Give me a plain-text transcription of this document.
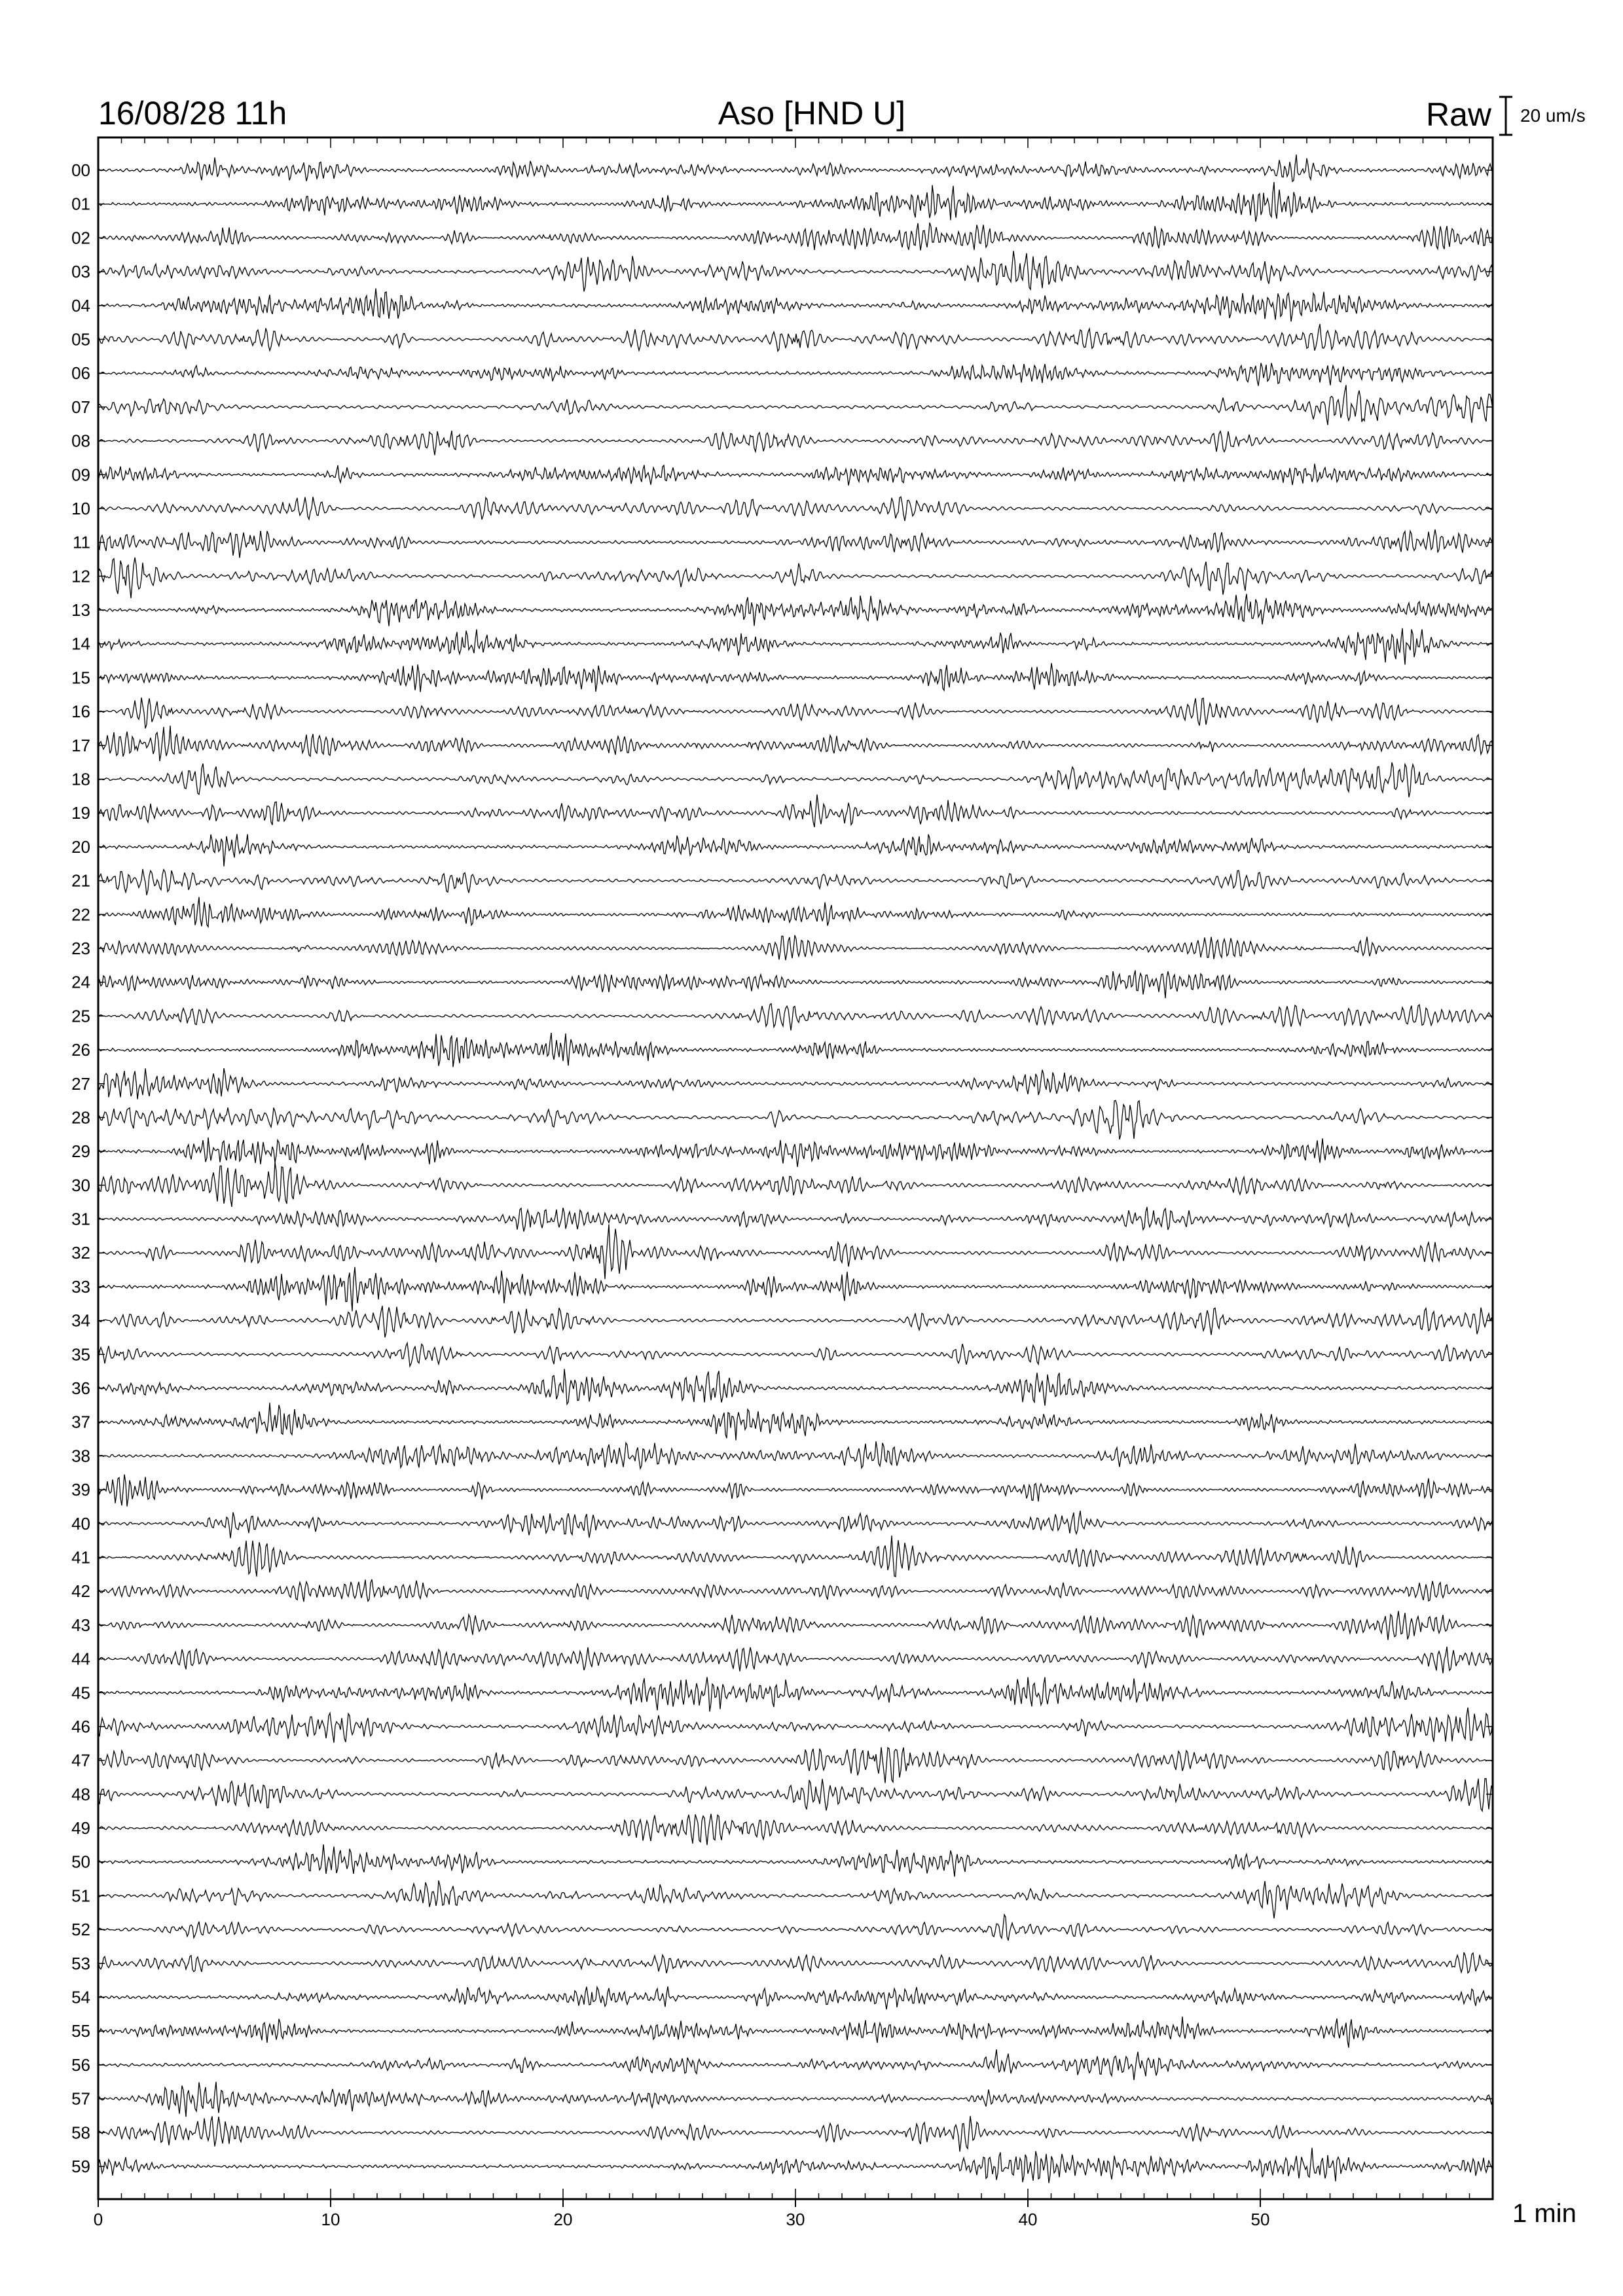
16/08/28 11h	Aso [HND U]	Raw 20 um/s
0	10	20	30	40	50
00
01
02
03
04
05
06
07
08
09
10
11
12
13
14
15
16
17
18
19
20
21
22
23
24
25
26
27
28
29
30
31
32
33
34
35
36
37
38
39
40
41
42
43
44
45
46
47
48
49
50
51
52
53
54
55
56
57
58
59
1 min
